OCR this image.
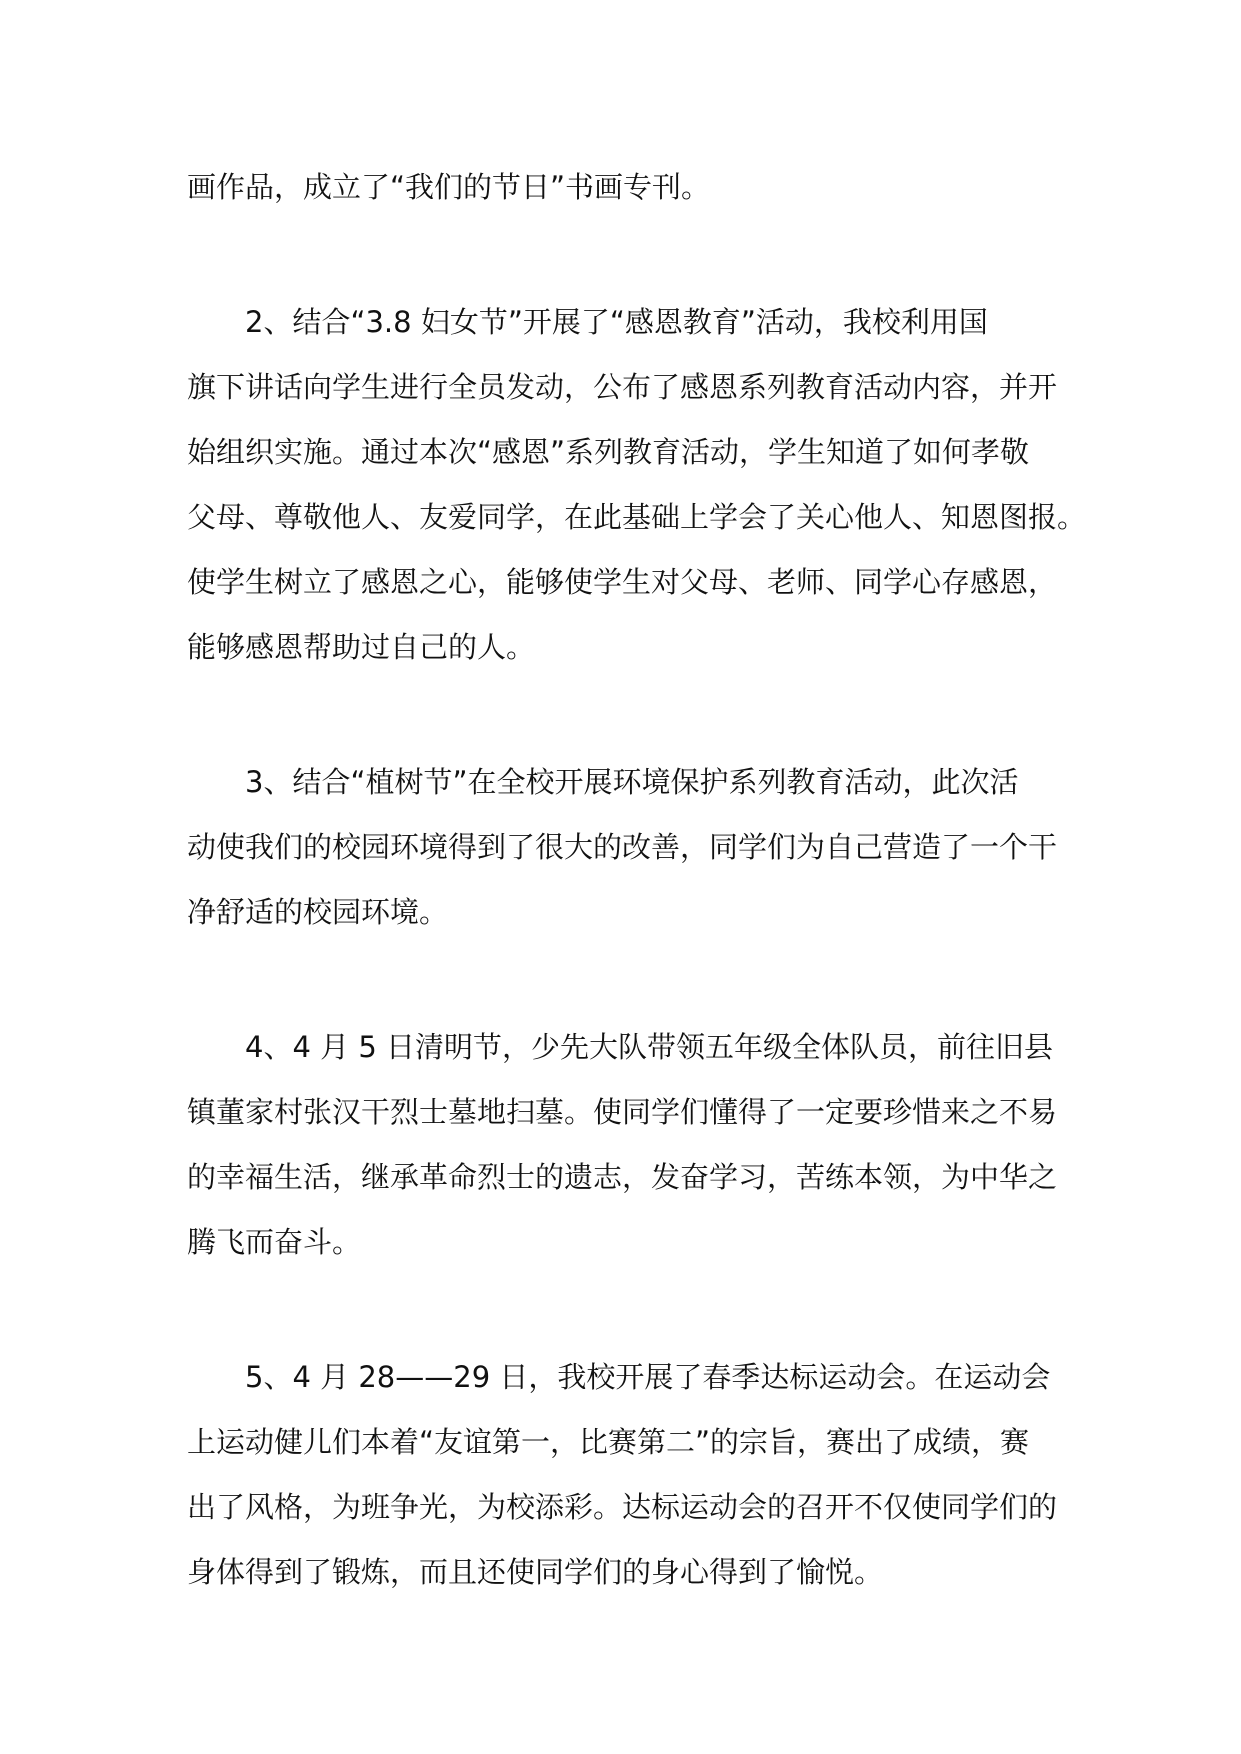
画作品，成立了“我们的节日”书画专刊。
2、结合“3.8 妇女节”开展了“感恩教育”活动，我校利用国
旗下讲话向学生进行全员发动，公布了感恩系列教育活动内容，并开
始组织实施。通过本次“感恩”系列教育活动，学生知道了如何孝敬
父母、尊敬他人、友爱同学，在此基础上学会了关心他人、知恩图报。
使学生树立了感恩之心，能够使学生对父母、老师、同学心存感恩，
能够感恩帮助过自己的人。
3、结合“植树节”在全校开展环境保护系列教育活动，此次活
动使我们的校园环境得到了很大的改善，同学们为自己营造了一个干
净舒适的校园环境。
4、4 月 5 日清明节，少先大队带领五年级全体队员，前往旧县
镇董家村张汉干烈士墓地扫墓。使同学们懂得了一定要珍惜来之不易
的幸福生活，继承革命烈士的遗志，发奋学习，苦练本领，为中华之
腾飞而奋斗。
5、4 月 28——29 日，我校开展了春季达标运动会。在运动会
上运动健儿们本着“友谊第一，比赛第二”的宗旨，赛出了成绩，赛
出了风格，为班争光，为校添彩。达标运动会的召开不仅使同学们的
身体得到了锻炼，而且还使同学们的身心得到了愉悦。
